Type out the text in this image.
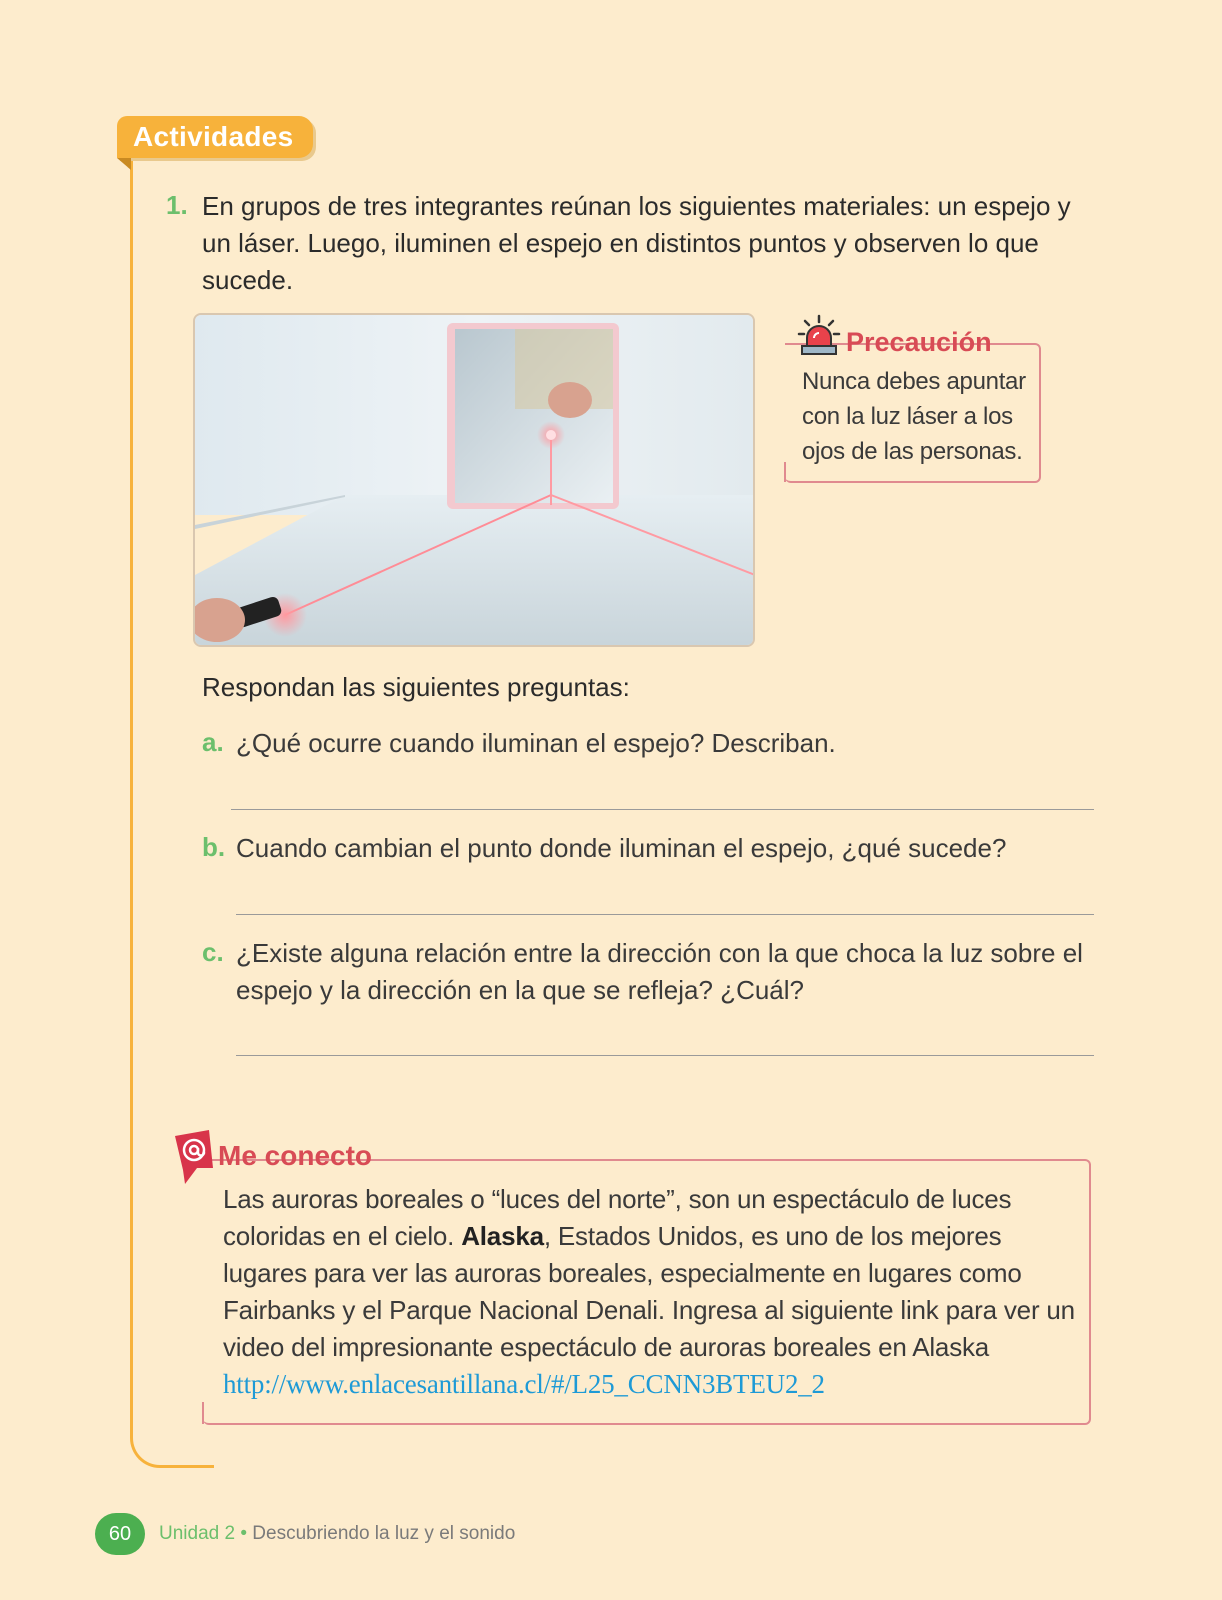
Actividades
1. En grupos de tres integrantes reúnan los siguientes materiales: un espejo y un láser. Luego, iluminen el espejo en distintos puntos y observen lo que sucede.
Precaución
Nunca debes apuntar con la luz láser a los ojos de las personas.
Respondan las siguientes preguntas:
a. ¿Qué ocurre cuando iluminan el espejo? Describan.
b. Cuando cambian el punto donde iluminan el espejo, ¿qué sucede?
c. ¿Existe alguna relación entre la dirección con la que choca la luz sobre el espejo y la dirección en la que se refleja? ¿Cuál?
Me conecto
Las auroras boreales o “luces del norte”, son un espectáculo de luces coloridas en el cielo. Alaska, Estados Unidos, es uno de los mejores lugares para ver las auroras boreales, especialmente en lugares como Fairbanks y el Parque Nacional Denali. Ingresa al siguiente link para ver un video del impresionante espectáculo de auroras boreales en Alaska
http://www.enlacesantillana.cl/#/L25_CCNN3BTEU2_2
60	Unidad 2 • Descubriendo la luz y el sonido
